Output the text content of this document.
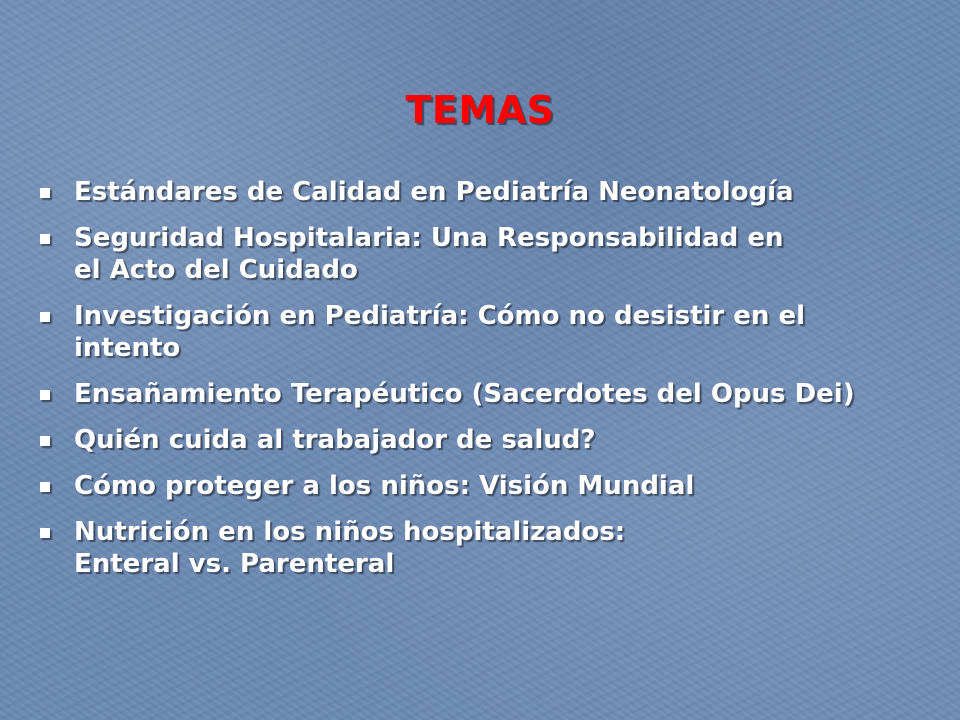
TEMAS
Estándares de Calidad en Pediatría Neonatología
Seguridad Hospitalaria: Una Responsabilidad en
el Acto del Cuidado
Investigación en Pediatría: Cómo no desistir en el
intento
Ensañamiento Terapéutico (Sacerdotes del Opus Dei)
Quién cuida al trabajador de salud?
Cómo proteger a los niños: Visión Mundial
Nutrición en los niños hospitalizados:
Enteral vs. Parenteral
